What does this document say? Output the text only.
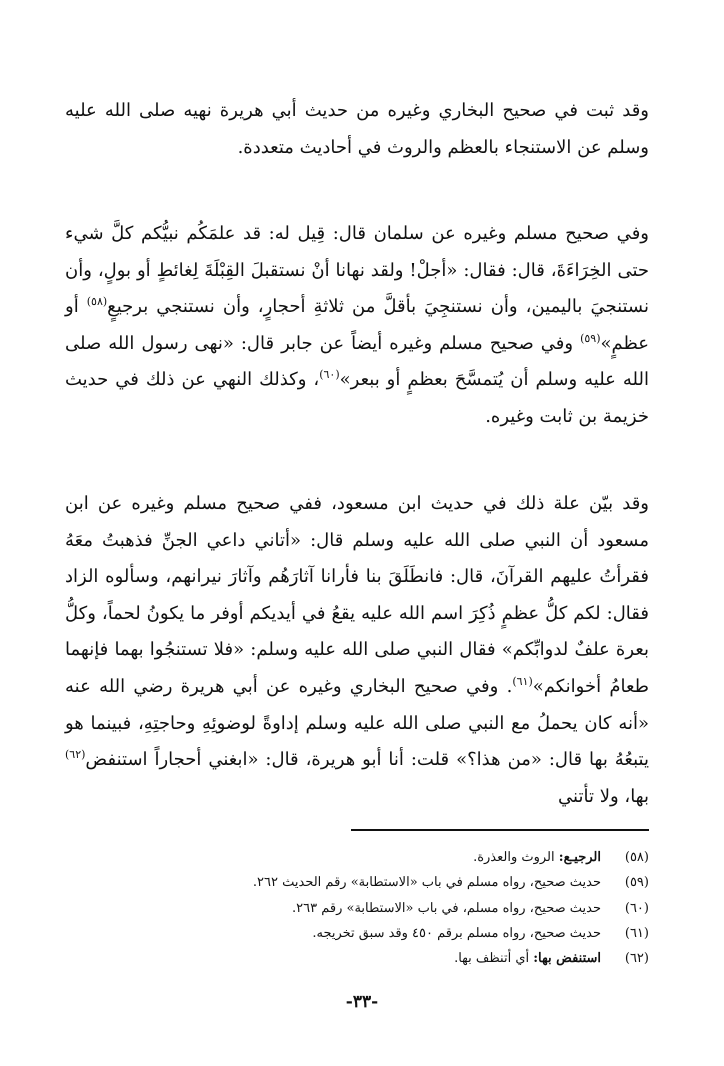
وقد ثبت في صحيح البخاري وغيره من حديث أبي هريرة نهيه صلى الله عليه وسلم عن الاستنجاء بالعظم والروث في أحاديث متعددة.

وفي صحيح مسلم وغيره عن سلمان قال: قِيل له: قد علمَكُم نبيُّكم كلَّ شيء حتى الخِرَاءَةَ، قال: فقال: «أجلْ! ولقد نهانا أنْ نستقبلَ القِبْلَةَ لِغائطٍ أو بولٍ، وأن نستنجيَ باليمين، وأن نستنجِيَ بأقلَّ من ثلاثةِ أحجارٍ، وأن نستنجي برجيعٍ$^{(٥٨)}$ أو عظمٍ»$^{(٥٩)}$ وفي صحيح مسلم وغيره أيضاً عن جابر قال: «نهى رسول الله صلى الله عليه وسلم أن يُتمسَّحَ بعظمٍ أو ببعر»$^{(٦٠)}$، وكذلك النهي عن ذلك في حديث خزيمة بن ثابت وغيره.

وقد بيّن علة ذلك في حديث ابن مسعود، ففي صحيح مسلم وغيره عن ابن مسعود أن النبي صلى الله عليه وسلم قال: «أتاني داعي الجنِّ فذهبتُ معَهُ فقرأتُ عليهم القرآنَ، قال: فانطَلَقَ بنا فأرانا آثارَهُم وآثارَ نيرانهم، وسألوه الزاد فقال: لكم كلُّ عظمٍ ذُكِرَ اسم الله عليه يقعُ في أيديكم أوفر ما يكونُ لحماً، وكلُّ بعرة علفٌ لدوابِّكم» فقال النبي صلى الله عليه وسلم: «فلا تستنجُوا بهما فإنهما طعامُ أخوانكم»$^{(٦١)}$. وفي صحيح البخاري وغيره عن أبي هريرة رضي الله عنه «أنه كان يحملُ مع النبي صلى الله عليه وسلم إداوةً لوضوئِهِ وحاجتِهِ، فبينما هو يتبعُهُ بها قال: «من هذا؟» قلت: أنا أبو هريرة، قال: «ابغني أحجاراً استنفض$^{(٦٢)}$ بها، ولا تأتني

(٥٨)الرجيـع: الروث والعذرة.
(٥٩)حديث صحيح، رواه مسلم في باب «الاستطابة» رقم الحديث ٢٦٢.
(٦٠)حديث صحيح، رواه مسلم، في باب «الاستطابة» رقم ٢٦٣.
(٦١)حديث صحيح، رواه مسلم برقم ٤٥٠ وقد سبق تخريجه.
(٦٢)استنفض بها: أي أتنظف بها.
-٣٣-
